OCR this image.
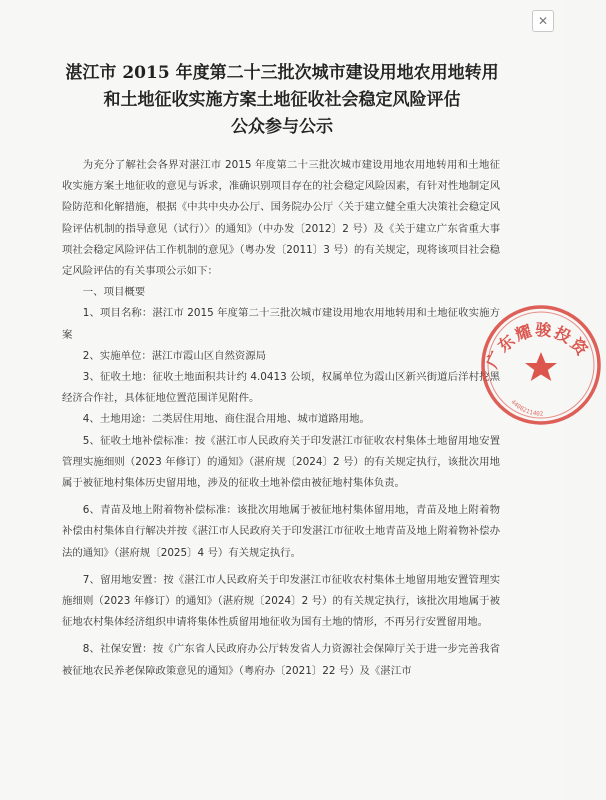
✕
湛江市 2015 年度第二十三批次城市建设用地农用地转用
和土地征收实施方案土地征收社会稳定风险评估
公众参与公示

为充分了解社会各界对湛江市 2015 年度第二十三批次城市建设用地农用地转用和土地征收实施方案土地征收的意见与诉求，准确识别项目存在的社会稳定风险因素，有针对性地制定风险防范和化解措施，根据《中共中央办公厅、国务院办公厅〈关于建立健全重大决策社会稳定风险评估机制的指导意见（试行）〉的通知》（中办发〔2012〕2 号）及《关于建立广东省重大事项社会稳定风险评估工作机制的意见》（粤办发〔2011〕3 号）的有关规定，现将该项目社会稳定风险评估的有关事项公示如下：

一、项目概要

1、项目名称：湛江市 2015 年度第二十三批次城市建设用地农用地转用和土地征收实施方案

2、实施单位：湛江市霞山区自然资源局

3、征收土地：征收土地面积共计约 4.0413 公顷，权属单位为霞山区新兴街道后洋村挖黑经济合作社，具体征地位置范围详见附件。

4、土地用途：二类居住用地、商住混合用地、城市道路用地。

5、征收土地补偿标准：按《湛江市人民政府关于印发湛江市征收农村集体土地留用地安置管理实施细则（2023 年修订）的通知》（湛府规〔2024〕2 号）的有关规定执行，该批次用地属于被征地村集体历史留用地，涉及的征收土地补偿由被征地村集体负责。

6、青苗及地上附着物补偿标准：该批次用地属于被征地村集体留用地，青苗及地上附着物补偿由村集体自行解决并按《湛江市人民政府关于印发湛江市征收土地青苗及地上附着物补偿办法的通知》（湛府规〔2025〕4 号）有关规定执行。

7、留用地安置：按《湛江市人民政府关于印发湛江市征收农村集体土地留用地安置管理实施细则（2023 年修订）的通知》（湛府规〔2024〕2 号）的有关规定执行，该批次用地属于被征地农村集体经济组织申请将集体性质留用地征收为国有土地的情形，不再另行安置留用地。

8、社保安置：按《广东省人民政府办公厅转发省人力资源社会保障厅关于进一步完善我省被征地农民养老保障政策意见的通知》（粤府办〔2021〕22 号）及《湛江市

广东耀骏投资
4408211402
